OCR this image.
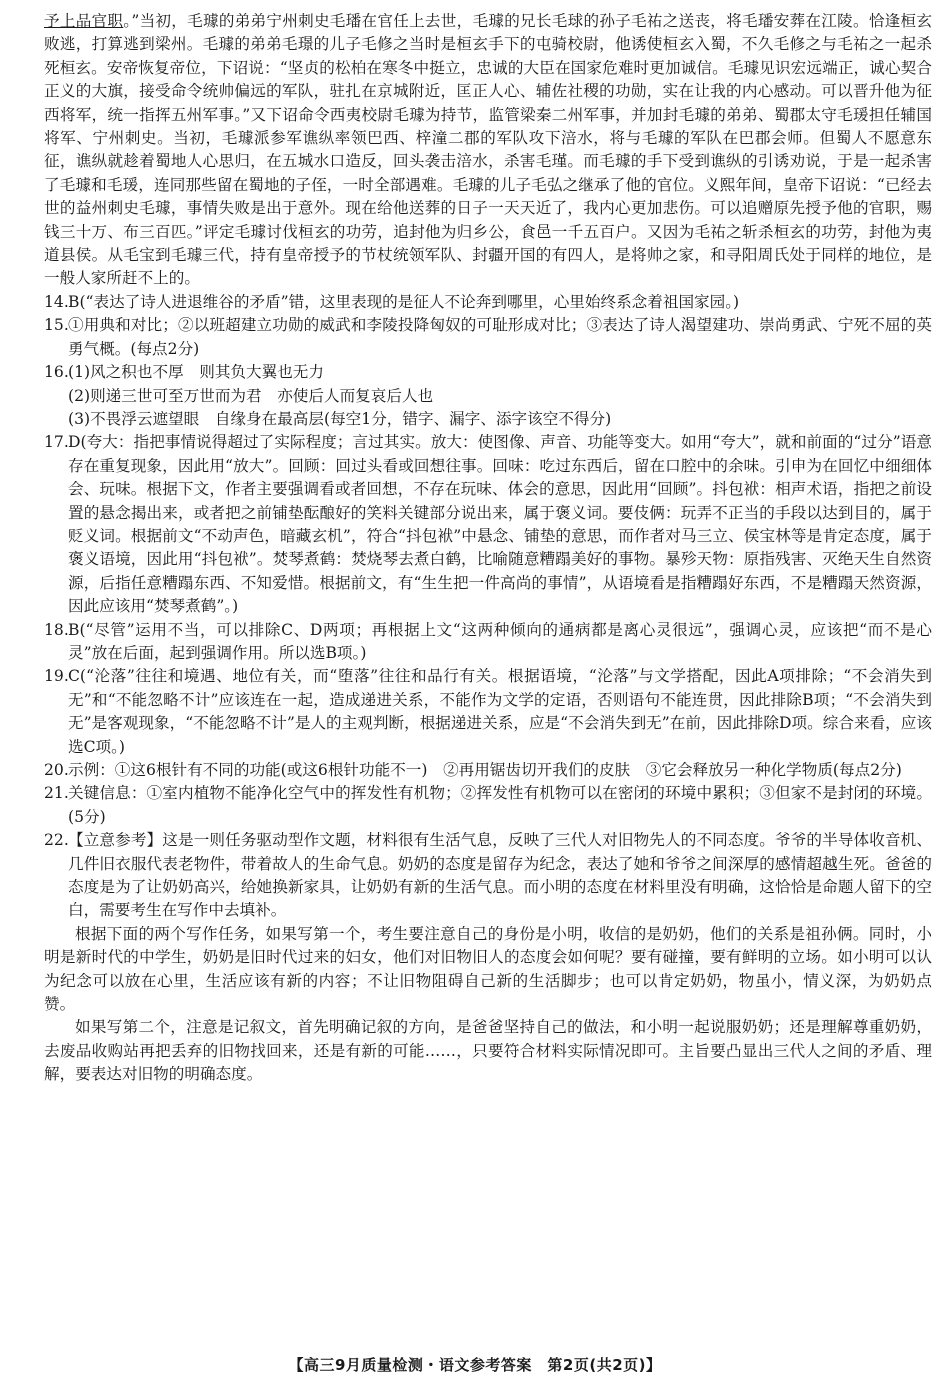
予上品官职。”当初，毛璩的弟弟宁州刺史毛璠在官任上去世，毛璩的兄长毛球的孙子毛祐之送丧，将毛璠安葬在江陵。恰逢桓玄败逃，打算逃到梁州。毛璩的弟弟毛璟的儿子毛修之当时是桓玄手下的屯骑校尉，他诱使桓玄入蜀，不久毛修之与毛祐之一起杀死桓玄。安帝恢复帝位，下诏说：“坚贞的松柏在寒冬中挺立，忠诚的大臣在国家危难时更加诚信。毛璩见识宏远端正，诚心契合正义的大旗，接受命令统帅偏远的军队，驻扎在京城附近，匡正人心、辅佐社稷的功勋，实在让我的内心感动。可以晋升他为征西将军，统一指挥五州军事。”又下诏命令西夷校尉毛璩为持节，监管梁秦二州军事，并加封毛璩的弟弟、蜀郡太守毛瑗担任辅国将军、宁州刺史。当初，毛璩派参军谯纵率领巴西、梓潼二郡的军队攻下涪水，将与毛璩的军队在巴郡会师。但蜀人不愿意东征，谯纵就趁着蜀地人心思归，在五城水口造反，回头袭击涪水，杀害毛瑾。而毛璩的手下受到谯纵的引诱劝说，于是一起杀害了毛璩和毛瑗，连同那些留在蜀地的子侄，一时全部遇难。毛璩的儿子毛弘之继承了他的官位。义熙年间，皇帝下诏说：“已经去世的益州刺史毛璩，事情失败是出于意外。现在给他送葬的日子一天天近了，我内心更加悲伤。可以追赠原先授予他的官职，赐钱三十万、布三百匹。”评定毛璩讨伐桓玄的功劳，追封他为归乡公，食邑一千五百户。又因为毛祐之斩杀桓玄的功劳，封他为夷道县侯。从毛宝到毛璩三代，持有皇帝授予的节杖统领军队、封疆开国的有四人，是将帅之家，和寻阳周氏处于同样的地位，是一般人家所赶不上的。

14. B(“表达了诗人进退维谷的矛盾”错，这里表现的是征人不论奔到哪里，心里始终系念着祖国家园。)
15. ①用典和对比；②以班超建立功勋的威武和李陵投降匈奴的可耻形成对比；③表达了诗人渴望建功、崇尚勇武、宁死不屈的英勇气概。(每点2分)
16. (1)风之积也不厚　则其负大翼也无力
(2)则递三世可至万世而为君　亦使后人而复哀后人也
(3)不畏浮云遮望眼　自缘身在最高层(每空1分，错字、漏字、添字该空不得分)
17. D(夸大：指把事情说得超过了实际程度；言过其实。放大：使图像、声音、功能等变大。如用“夸大”，就和前面的“过分”语意存在重复现象，因此用“放大”。回顾：回过头看或回想往事。回味：吃过东西后，留在口腔中的余味。引申为在回忆中细细体会、玩味。根据下文，作者主要强调看或者回想，不存在玩味、体会的意思，因此用“回顾”。抖包袱：相声术语，指把之前设置的悬念揭出来，或者把之前铺垫酝酿好的笑料关键部分说出来，属于褒义词。要伎俩：玩弄不正当的手段以达到目的，属于贬义词。根据前文“不动声色，暗藏玄机”，符合“抖包袱”中悬念、铺垫的意思，而作者对马三立、侯宝林等是肯定态度，属于褒义语境，因此用“抖包袱”。焚琴煮鹤：焚烧琴去煮白鹤，比喻随意糟蹋美好的事物。暴殄天物：原指残害、灭绝天生自然资源，后指任意糟蹋东西、不知爱惜。根据前文，有“生生把一件高尚的事情”，从语境看是指糟蹋好东西，不是糟蹋天然资源，因此应该用“焚琴煮鹤”。)
18. B(“尽管”运用不当，可以排除C、D两项；再根据上文“这两种倾向的通病都是离心灵很远”，强调心灵，应该把“而不是心灵”放在后面，起到强调作用。所以选B项。)
19. C(“沦落”往往和境遇、地位有关，而“堕落”往往和品行有关。根据语境，“沦落”与文学搭配，因此A项排除；“不会消失到无”和“不能忽略不计”应该连在一起，造成递进关系，不能作为文学的定语，否则语句不能连贯，因此排除B项；“不会消失到无”是客观现象，“不能忽略不计”是人的主观判断，根据递进关系，应是“不会消失到无”在前，因此排除D项。综合来看，应该选C项。)
20. 示例：①这6根针有不同的功能(或这6根针功能不一)　②再用锯齿切开我们的皮肤　③它会释放另一种化学物质(每点2分)
21. 关键信息：①室内植物不能净化空气中的挥发性有机物；②挥发性有机物可以在密闭的环境中累积；③但家不是封闭的环境。(5分)
22. 【立意参考】这是一则任务驱动型作文题，材料很有生活气息，反映了三代人对旧物先人的不同态度。爷爷的半导体收音机、几件旧衣服代表老物件，带着故人的生命气息。奶奶的态度是留存为纪念，表达了她和爷爷之间深厚的感情超越生死。爸爸的态度是为了让奶奶高兴，给她换新家具，让奶奶有新的生活气息。而小明的态度在材料里没有明确，这恰恰是命题人留下的空白，需要考生在写作中去填补。

根据下面的两个写作任务，如果写第一个，考生要注意自己的身份是小明，收信的是奶奶，他们的关系是祖孙俩。同时，小明是新时代的中学生，奶奶是旧时代过来的妇女，他们对旧物旧人的态度会如何呢？要有碰撞，要有鲜明的立场。如小明可以认为纪念可以放在心里，生活应该有新的内容；不让旧物阻碍自己新的生活脚步；也可以肯定奶奶，物虽小，情义深，为奶奶点赞。

如果写第二个，注意是记叙文，首先明确记叙的方向，是爸爸坚持自己的做法，和小明一起说服奶奶；还是理解尊重奶奶，去废品收购站再把丢弃的旧物找回来，还是有新的可能……，只要符合材料实际情况即可。主旨要凸显出三代人之间的矛盾、理解，要表达对旧物的明确态度。

【高三9月质量检测・语文参考答案　第2页(共2页)】
